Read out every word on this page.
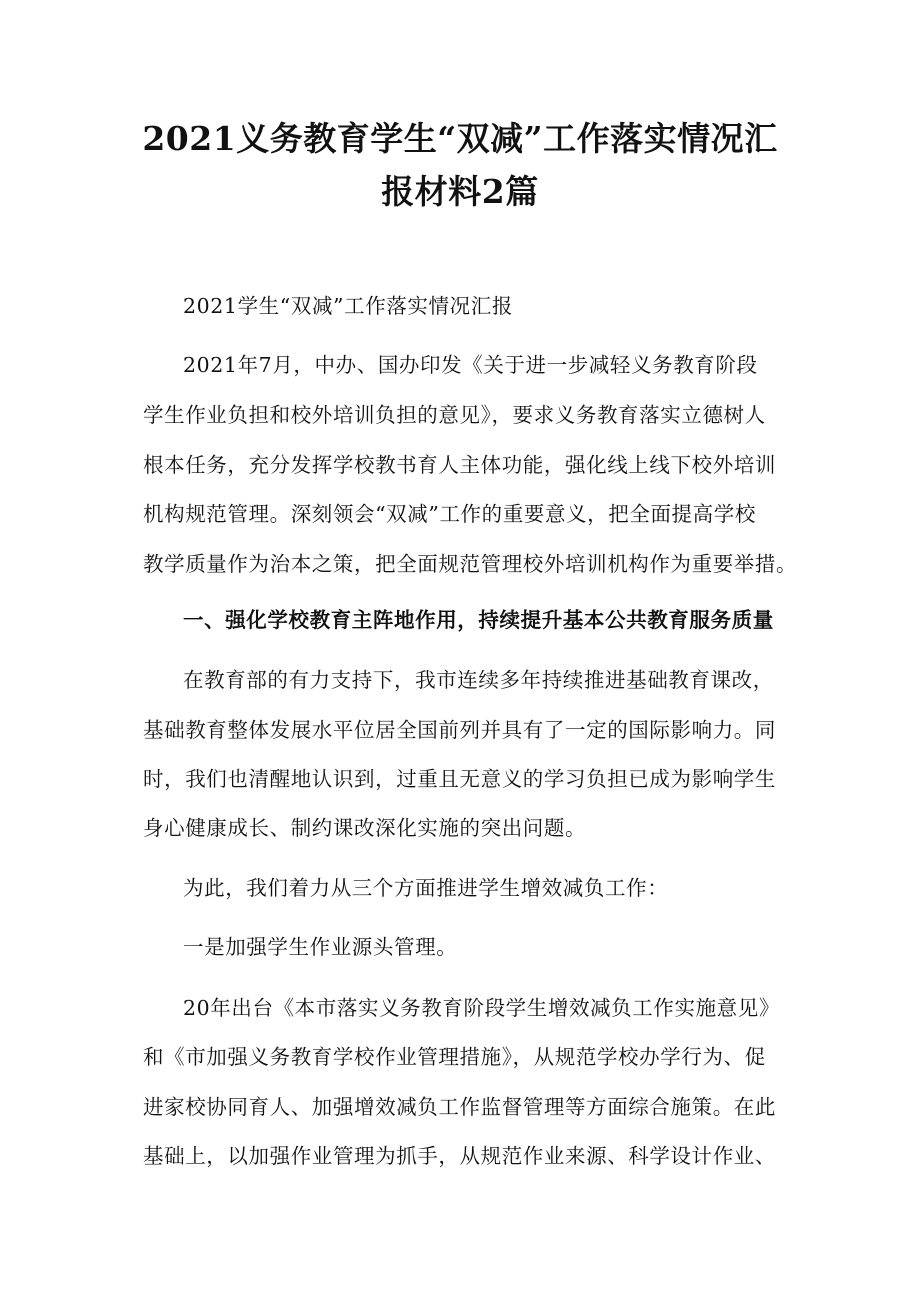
2021义务教育学生“双减”工作落实情况汇
报材料2篇
2021学生“双减”工作落实情况汇报
2021年7月，中办、国办印发《关于进一步减轻义务教育阶段
学生作业负担和校外培训负担的意见》，要求义务教育落实立德树人
根本任务，充分发挥学校教书育人主体功能，强化线上线下校外培训
机构规范管理。深刻领会“双减”工作的重要意义，把全面提高学校
教学质量作为治本之策，把全面规范管理校外培训机构作为重要举措。
一、强化学校教育主阵地作用，持续提升基本公共教育服务质量
在教育部的有力支持下，我市连续多年持续推进基础教育课改，
基础教育整体发展水平位居全国前列并具有了一定的国际影响力。同
时，我们也清醒地认识到，过重且无意义的学习负担已成为影响学生
身心健康成长、制约课改深化实施的突出问题。
为此，我们着力从三个方面推进学生增效减负工作：
一是加强学生作业源头管理。
20年出台《本市落实义务教育阶段学生增效减负工作实施意见》
和《市加强义务教育学校作业管理措施》，从规范学校办学行为、促
进家校协同育人、加强增效减负工作监督管理等方面综合施策。在此
基础上，以加强作业管理为抓手，从规范作业来源、科学设计作业、
